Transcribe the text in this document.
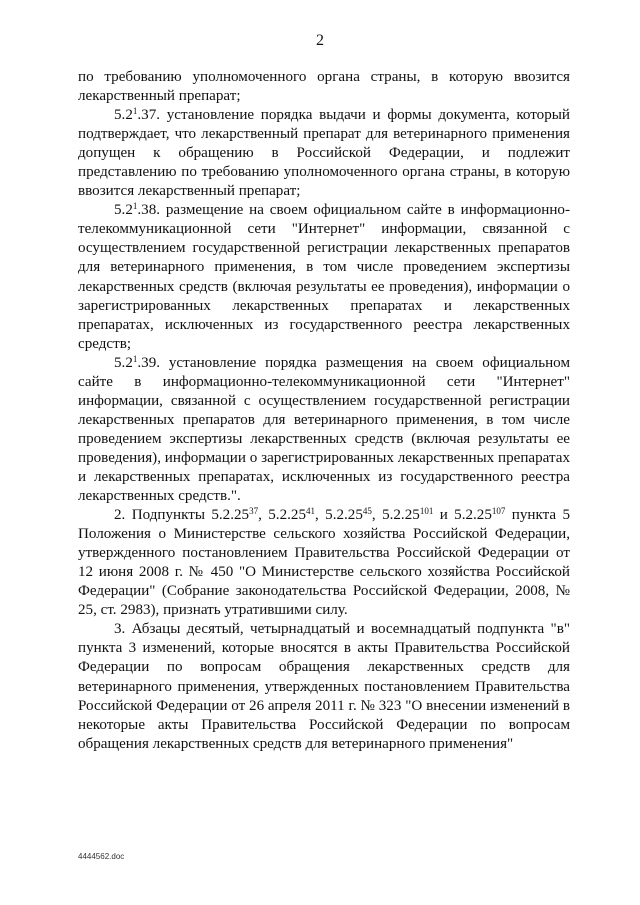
2

по требованию уполномоченного органа страны, в которую ввозится лекарственный препарат;

$5.2^1.37$. установление порядка выдачи и формы документа, который подтверждает, что лекарственный препарат для ветеринарного применения допущен к обращению в Российской Федерации, и подлежит представлению по требованию уполномоченного органа страны, в которую ввозится лекарственный препарат;

$5.2^1.38$. размещение на своем официальном сайте в информационно-телекоммуникационной сети "Интернет" информации, связанной с осуществлением государственной регистрации лекарственных препаратов для ветеринарного применения, в том числе проведением экспертизы лекарственных средств (включая результаты ее проведения), информации о зарегистрированных лекарственных препаратах и лекарственных препаратах, исключенных из государственного реестра лекарственных средств;

$5.2^1.39$. установление порядка размещения на своем официальном сайте в информационно-телекоммуникационной сети "Интернет" информации, связанной с осуществлением государственной регистрации лекарственных препаратов для ветеринарного применения, в том числе проведением экспертизы лекарственных средств (включая результаты ее проведения), информации о зарегистрированных лекарственных препаратах и лекарственных препаратах, исключенных из государственного реестра лекарственных средств.".

2. Подпункты 5.2.25$^{37}$, 5.2.25$^{41}$, 5.2.25$^{45}$, 5.2.25$^{101}$ и 5.2.25$^{107}$ пункта 5 Положения о Министерстве сельского хозяйства Российской Федерации, утвержденного постановлением Правительства Российской Федерации от 12 июня 2008 г. № 450 "О Министерстве сельского хозяйства Российской Федерации" (Собрание законодательства Российской Федерации, 2008, № 25, ст. 2983), признать утратившими силу.

3. Абзацы десятый, четырнадцатый и восемнадцатый подпункта "в" пункта 3 изменений, которые вносятся в акты Правительства Российской Федерации по вопросам обращения лекарственных средств для ветеринарного применения, утвержденных постановлением Правительства Российской Федерации от 26 апреля 2011 г. № 323 "О внесении изменений в некоторые акты Правительства Российской Федерации по вопросам обращения лекарственных средств для ветеринарного применения"

4444562.doc
